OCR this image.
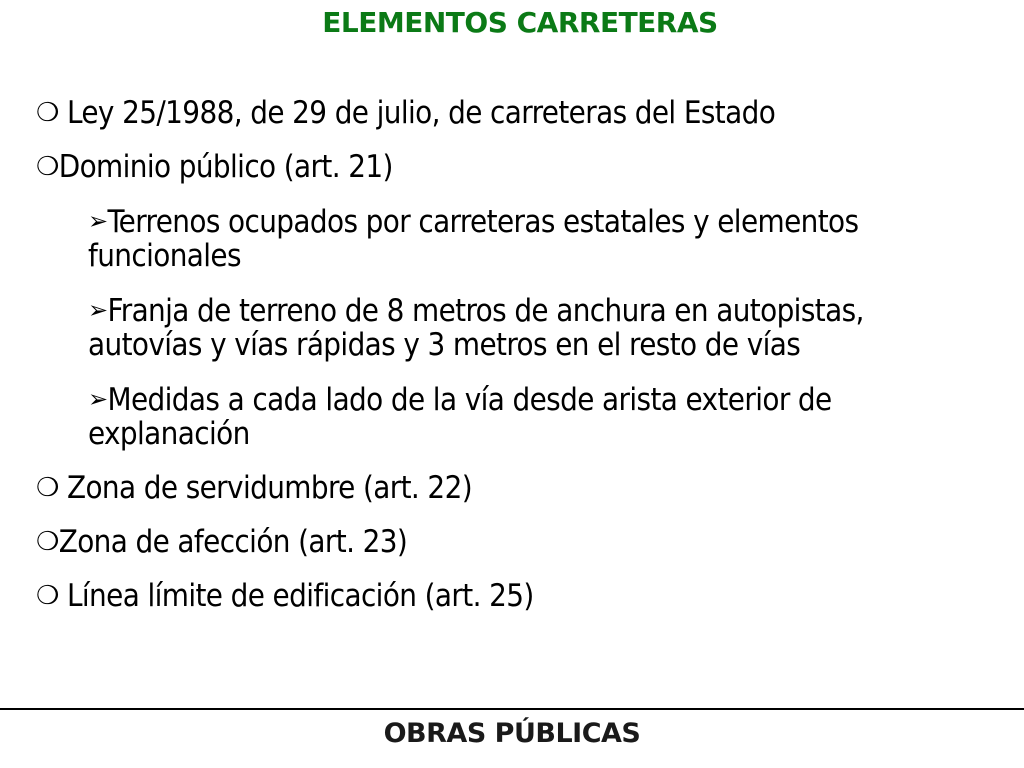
ELEMENTOS CARRETERAS

❍ Ley 25/1988, de 29 de julio, de carreteras del Estado

❍Dominio público (art. 21)

➢Terrenos ocupados por carreteras estatales y elementos funcionales

➢Franja de terreno de 8 metros de anchura en autopistas, autovías y vías rápidas y 3 metros en el resto de vías

➢Medidas a cada lado de la vía desde arista exterior de explanación

❍ Zona de servidumbre (art. 22)

❍Zona de afección (art. 23)

❍ Línea límite de edificación (art. 25)

OBRAS PÚBLICAS
